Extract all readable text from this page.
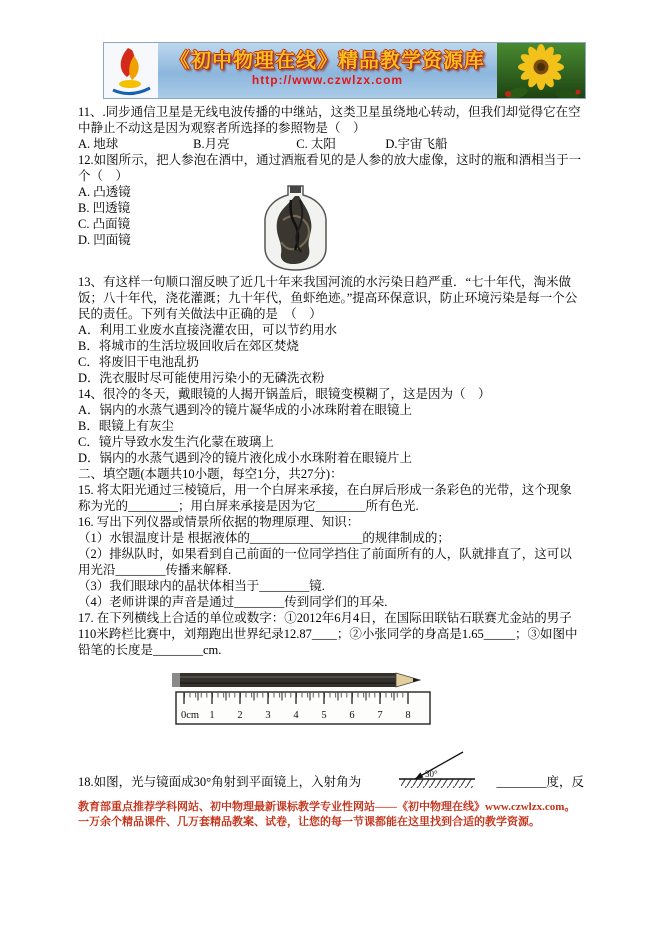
《初中物理在线》精品教学资源库
http://www.czwlzx.com

11、.同步通信卫星是无线电波传播的中继站，这类卫星虽绕地心转动，但我们却觉得它在空中静止不动这是因为观察者所选择的参照物是（　）

A. 地球	B.月亮	C. 太阳	D.宇宙飞船

12.如图所示，把人参泡在酒中，通过酒瓶看见的是人参的放大虚像，这时的瓶和酒相当于一个（　）

A. 凸透镜

B. 凹透镜

C. 凸面镜

D. 凹面镜

13、有这样一句顺口溜反映了近几十年来我国河流的水污染日趋严重．“七十年代，淘米做饭；八十年代，浇花灌溉；九十年代，鱼虾绝迹。”提高环保意识，防止环境污染是每一个公民的责任。下列有关做法中正确的是　（　）

A．利用工业废水直接浇灌农田，可以节约用水

B．将城市的生活垃圾回收后在郊区焚烧

C．将废旧干电池乱扔

D．洗衣服时尽可能使用污染小的无磷洗衣粉

14、很冷的冬天，戴眼镜的人揭开锅盖后，眼镜变模糊了，这是因为（　）

A．锅内的水蒸气遇到冷的镜片凝华成的小冰珠附着在眼镜上

B．眼镜上有灰尘

C．镜片导致水发生汽化蒙在玻璃上

D．锅内的水蒸气遇到冷的镜片液化成小水珠附着在眼镜片上

二、填空题(本题共10小题，每空1分，共27分)：

15. 将太阳光通过三棱镜后，用一个白屏来承接，在白屏后形成一条彩色的光带，这个现象称为光的________；用白屏来承接是因为它________所有色光.

16. 写出下列仪器或情景所依据的物理原理、知识：

（1）水银温度计是 根据液体的__________________的规律制成的；

（2）排纵队时，如果看到自己前面的一位同学挡住了前面所有的人，队就排直了，这可以用光沿________传播来解释.

（3）我们眼球内的晶状体相当于________镜.

（4）老师讲课的声音是通过________传到同学们的耳朵.

17. 在下列横线上合适的单位或数字：①2012年6月4日，在国际田联钻石联赛尤金站的男子110米跨栏比赛中，刘翔跑出世界纪录12.87____；②小张同学的身高是1.65_____；③如图中铅笔的长度是________cm.

0cm 1 2 3 4 5 6 7 8
18.如图，光与镜面成30°角射到平面镜上，入射角为
30°
________度，反
教育部重点推荐学科网站、初中物理最新课标教学专业性网站——《初中物理在线》www.czwlzx.com。一万余个精品课件、几万套精品教案、试卷，让您的每一节课都能在这里找到合适的教学资源。
